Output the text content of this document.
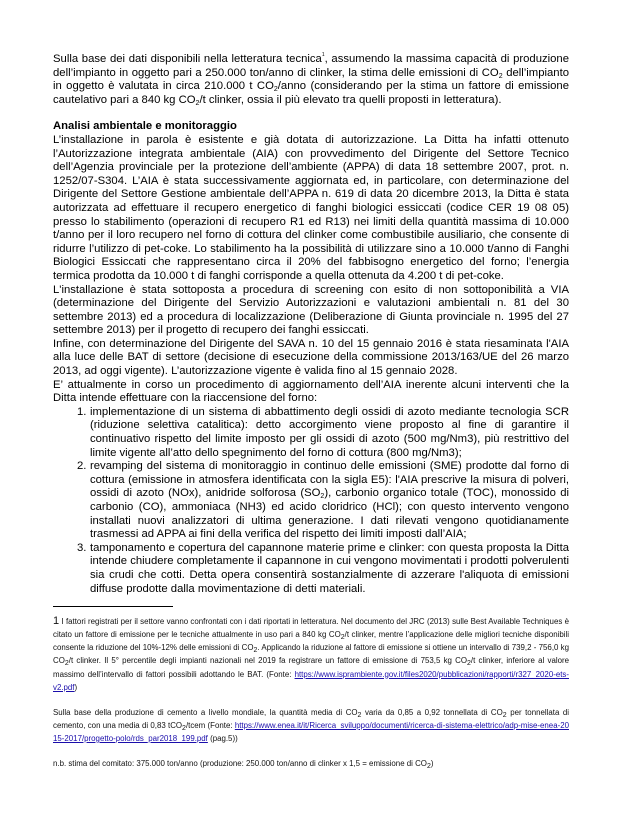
Sulla base dei dati disponibili nella letteratura tecnica$^1$, assumendo la massima capacità di produzione dell’impianto in oggetto pari a 250.000 ton/anno di clinker, la stima delle emissioni di $CO_2$ dell’impianto in oggetto è valutata in circa 210.000 t $CO_2$/anno (considerando per la stima un fattore di emissione cautelativo pari a 840 kg $CO_2/t$ clinker, ossia il più elevato tra quelli proposti in letteratura).

Analisi ambientale e monitoraggio

L’installazione in parola è esistente e già dotata di autorizzazione. La Ditta ha infatti ottenuto l’Autorizzazione integrata ambientale (AIA) con provvedimento del Dirigente del Settore Tecnico dell’Agenzia provinciale per la protezione dell’ambiente (APPA) di data 18 settembre 2007, prot. n. 1252/07-S304. L’AIA è stata successivamente aggiornata ed, in particolare, con determinazione del Dirigente del Settore Gestione ambientale dell’APPA n. 619 di data 20 dicembre 2013, la Ditta è stata autorizzata ad effettuare il recupero energetico di fanghi biologici essiccati (codice CER 19 08 05) presso lo stabilimento (operazioni di recupero R1 ed R13) nei limiti della quantità massima di 10.000 t/anno per il loro recupero nel forno di cottura del clinker come combustibile ausiliario, che consente di ridurre l’utilizzo di pet-coke. Lo stabilimento ha la possibilità di utilizzare sino a 10.000 t/anno di Fanghi Biologici Essiccati che rappresentano circa il 20% del fabbisogno energetico del forno; l’energia termica prodotta da 10.000 t di fanghi corrisponde a quella ottenuta da 4.200 t di pet-coke.

L'installazione è stata sottoposta a procedura di screening con esito di non sottoponibilità a VIA (determinazione del Dirigente del Servizio Autorizzazioni e valutazioni ambientali n. 81 del 30 settembre 2013) ed a procedura di localizzazione (Deliberazione di Giunta provinciale n. 1995 del 27 settembre 2013) per il progetto di recupero dei fanghi essiccati.

Infine, con determinazione del Dirigente del SAVA n. 10 del 15 gennaio 2016 è stata riesaminata l'AIA alla luce delle BAT di settore (decisione di esecuzione della commissione 2013/163/UE del 26 marzo 2013, ad oggi vigente). L’autorizzazione vigente è valida fino al 15 gennaio 2028.

E’ attualmente in corso un procedimento di aggiornamento dell’AIA inerente alcuni interventi che la Ditta intende effettuare con la riaccensione del forno:

1. implementazione di un sistema di abbattimento degli ossidi di azoto mediante tecnologia SCR (riduzione selettiva catalitica): detto accorgimento viene proposto al fine di garantire il continuativo rispetto del limite imposto per gli ossidi di azoto (500 mg/Nm3), più restrittivo del limite vigente all’atto dello spegnimento del forno di cottura (800 mg/Nm3);
2. revamping del sistema di monitoraggio in continuo delle emissioni (SME) prodotte dal forno di cottura (emissione in atmosfera identificata con la sigla E5): l'AIA prescrive la misura di polveri, ossidi di azoto (NOx), anidride solforosa $(SO_2)$, carbonio organico totale (TOC), monossido di carbonio (CO), ammoniaca (NH3) ed acido cloridrico (HCl); con questo intervento vengono installati nuovi analizzatori di ultima generazione. I dati rilevati vengono quotidianamente trasmessi ad APPA ai fini della verifica del rispetto dei limiti imposti dall’AIA;
3. tamponamento e copertura del capannone materie prime e clinker: con questa proposta la Ditta intende chiudere completamente il capannone in cui vengono movimentati i prodotti polverulenti sia crudi che cotti. Detta opera consentirà sostanzialmente di azzerare l'aliquota di emissioni diffuse prodotte dalla movimentazione di detti materiali.

1 I fattori registrati per il settore vanno confrontati con i dati riportati in letteratura. Nel documento del JRC (2013) sulle Best Available Techniques è citato un fattore di emissione per le tecniche attualmente in uso pari a 840 kg $CO_2/t$ clinker, mentre l’applicazione delle migliori tecniche disponibili consente la riduzione del 10%-12% delle emissioni di $CO_2$. Applicando la riduzione al fattore di emissione si ottiene un intervallo di 739,2 - 756,0 kg $CO_2/t$ clinker. Il 5° percentile degli impianti nazionali nel 2019 fa registrare un fattore di emissione di 753,5 kg $CO_2/t$ clinker, inferiore al valore massimo dell’intervallo di fattori possibili adottando le BAT. (Fonte: https://www.isprambiente.gov.it/files2020/pubblicazioni/rapporti/r327_2020-ets-v2.pdf)

Sulla base della produzione di cemento a livello mondiale, la quantità media di $CO_2$ varia da 0,85 a 0,92 tonnellata di $CO_2$ per tonnellata di cemento, con una media di 0,83 tCO$_2$/tcem (Fonte: https://www.enea.it/it/Ricerca_sviluppo/documenti/ricerca-di-sistema-elettrico/adp-mise-enea-2015-2017/progetto-polo/rds_par2018_199.pdf (pag.5))

n.b. stima del comitato: 375.000 ton/anno (produzione: 250.000 ton/anno di clinker x 1,5 = emissione di $CO_2$)
